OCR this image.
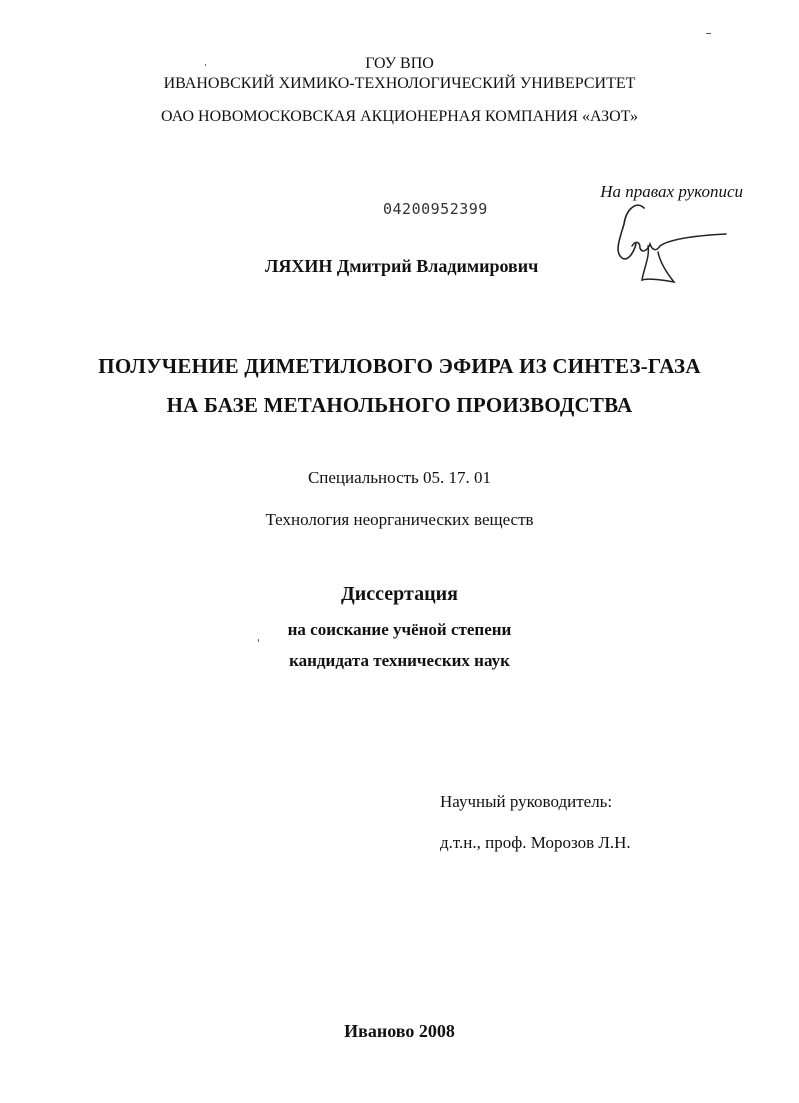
ГОУ ВПО
ИВАНОВСКИЙ ХИМИКО-ТЕХНОЛОГИЧЕСКИЙ УНИВЕРСИТЕТ
ОАО НОВОМОСКОВСКАЯ АКЦИОНЕРНАЯ КОМПАНИЯ «АЗОТ»
На правах рукописи
04200952399
ЛЯХИН Дмитрий Владимирович
ПОЛУЧЕНИЕ ДИМЕТИЛОВОГО ЭФИРА ИЗ СИНТЕЗ-ГАЗА
НА БАЗЕ МЕТАНОЛЬНОГО ПРОИЗВОДСТВА
Специальность 05. 17. 01
Технология неорганических веществ
Диссертация
на соискание учёной степени
кандидата технических наук
Научный руководитель:
д.т.н., проф. Морозов Л.Н.
Иваново 2008
